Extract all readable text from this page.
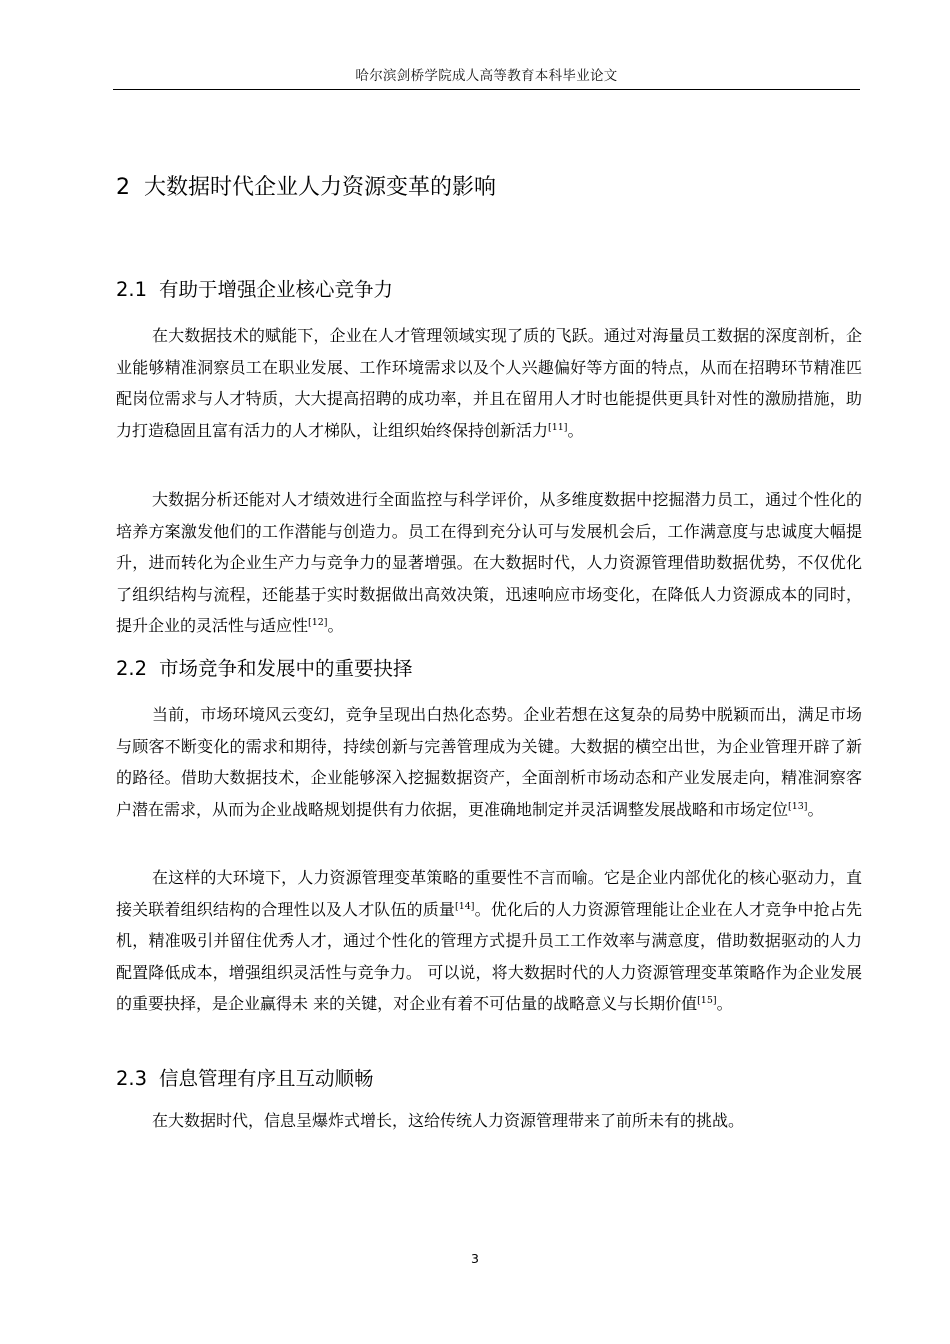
哈尔滨剑桥学院成人高等教育本科毕业论文
2 大数据时代企业人力资源变革的影响
2.1 有助于增强企业核心竞争力

在大数据技术的赋能下，企业在人才管理领域实现了质的飞跃。通过对海量员工数据的深度剖析，企业能够精准洞察员工在职业发展、工作环境需求以及个人兴趣偏好等方面的特点，从而在招聘环节精准匹配岗位需求与人才特质，大大提高招聘的成功率，并且在留用人才时也能提供更具针对性的激励措施，助力打造稳固且富有活力的人才梯队，让组织始终保持创新活力[11]。

大数据分析还能对人才绩效进行全面监控与科学评价，从多维度数据中挖掘潜力员工，通过个性化的培养方案激发他们的工作潜能与创造力。员工在得到充分认可与发展机会后，工作满意度与忠诚度大幅提升，进而转化为企业生产力与竞争力的显著增强。在大数据时代，人力资源管理借助数据优势，不仅优化了组织结构与流程，还能基于实时数据做出高效决策，迅速响应市场变化，在降低人力资源成本的同时，提升企业的灵活性与适应性[12]。

2.2 市场竞争和发展中的重要抉择

当前，市场环境风云变幻，竞争呈现出白热化态势。企业若想在这复杂的局势中脱颖而出，满足市场与顾客不断变化的需求和期待，持续创新与完善管理成为关键。大数据的横空出世，为企业管理开辟了新的路径。借助大数据技术，企业能够深入挖掘数据资产，全面剖析市场动态和产业发展走向，精准洞察客户潜在需求，从而为企业战略规划提供有力依据，更准确地制定并灵活调整发展战略和市场定位[13]。

在这样的大环境下，人力资源管理变革策略的重要性不言而喻。它是企业内部优化的核心驱动力，直接关联着组织结构的合理性以及人才队伍的质量[14]。优化后的人力资源管理能让企业在人才竞争中抢占先机，精准吸引并留住优秀人才，通过个性化的管理方式提升员工工作效率与满意度，借助数据驱动的人力配置降低成本，增强组织灵活性与竞争力。 可以说，将大数据时代的人力资源管理变革策略作为企业发展的重要抉择，是企业赢得未 来的关键，对企业有着不可估量的战略意义与长期价值[15]。

2.3 信息管理有序且互动顺畅

在大数据时代，信息呈爆炸式增长，这给传统人力资源管理带来了前所未有的挑战。

3
